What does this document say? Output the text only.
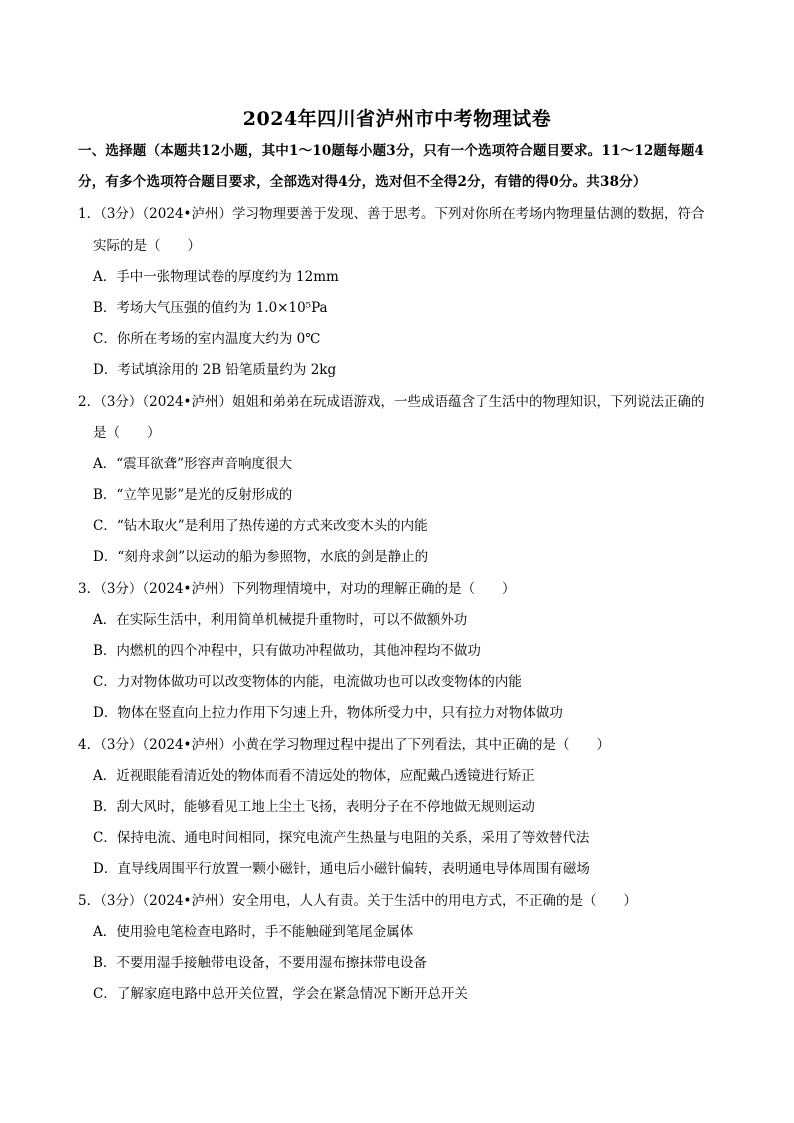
2024年四川省泸州市中考物理试卷
一、选择题（本题共12小题，其中1～10题每小题3分，只有一个选项符合题目要求。11～12题每题4
分，有多个选项符合题目要求，全部选对得4分，选对但不全得2分，有错的得0分。共38分）
1．（3分）（2024•泸州）学习物理要善于发现、善于思考。下列对你所在考场内物理量估测的数据，符合
实际的是（　　）
A．手中一张物理试卷的厚度约为 12mm
B．考场大气压强的值约为 1.0×10⁵Pa
C．你所在考场的室内温度大约为 0℃
D．考试填涂用的 2B 铅笔质量约为 2kg
2．（3分）（2024•泸州）姐姐和弟弟在玩成语游戏，一些成语蕴含了生活中的物理知识，下列说法正确的
是（　　）
A．“震耳欲聋”形容声音响度很大
B．“立竿见影”是光的反射形成的
C．“钻木取火”是利用了热传递的方式来改变木头的内能
D．“刻舟求剑”以运动的船为参照物，水底的剑是静止的
3．（3分）（2024•泸州）下列物理情境中，对功的理解正确的是（　　）
A．在实际生活中，利用简单机械提升重物时，可以不做额外功
B．内燃机的四个冲程中，只有做功冲程做功，其他冲程均不做功
C．力对物体做功可以改变物体的内能，电流做功也可以改变物体的内能
D．物体在竖直向上拉力作用下匀速上升，物体所受力中，只有拉力对物体做功
4．（3分）（2024•泸州）小黄在学习物理过程中提出了下列看法，其中正确的是（　　）
A．近视眼能看清近处的物体而看不清远处的物体，应配戴凸透镜进行矫正
B．刮大风时，能够看见工地上尘土飞扬，表明分子在不停地做无规则运动
C．保持电流、通电时间相同，探究电流产生热量与电阻的关系，采用了等效替代法
D．直导线周围平行放置一颗小磁针，通电后小磁针偏转，表明通电导体周围有磁场
5．（3分）（2024•泸州）安全用电，人人有责。关于生活中的用电方式，不正确的是（　　）
A．使用验电笔检查电路时，手不能触碰到笔尾金属体
B．不要用湿手接触带电设备，不要用湿布擦抹带电设备
C．了解家庭电路中总开关位置，学会在紧急情况下断开总开关
